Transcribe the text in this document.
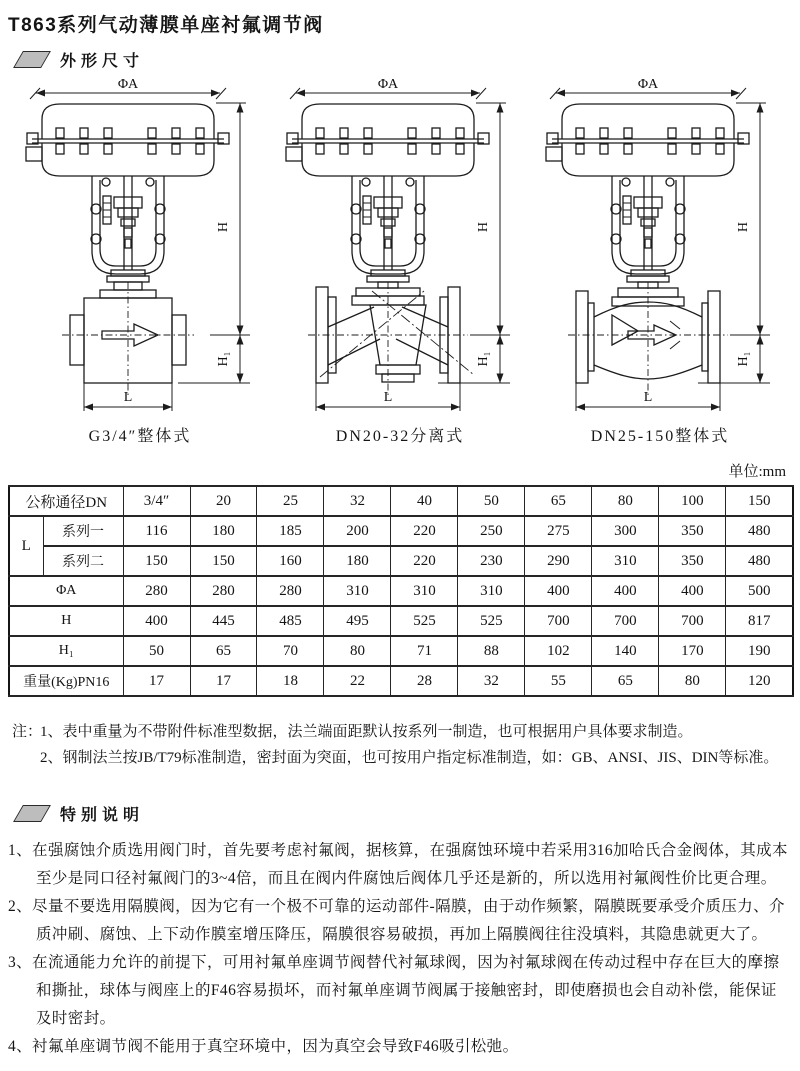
T863系列气动薄膜单座衬氟调节阀
外形尺寸
L
G3/4″整体式
L
DN20-32分离式
L
DN25-150整体式
单位:mm
公称通径DN		3/4″	20	25	32	40	50	65	80	100	150
L	系列一	116	180	185	200	220	250	275	300	350	480
	系列二	150	150	160	180	220	230	290	310	350	480
ΦA		280	280	280	310	310	310	400	400	400	500
H		400	445	485	495	525	525	700	700	700	817
H₁		50	65	70	80	71	88	102	140	170	190
重量(Kg)PN16		17	17	18	22	28	32	55	65	80	120
注：
1、表中重量为不带附件标准型数据，法兰端面距默认按系列一制造，也可根据用户具体要求制造。
2、钢制法兰按JB/T79标准制造，密封面为突面，也可按用户指定标准制造，如：GB、ANSI、JIS、DIN等标准。
特别说明

1、在强腐蚀介质选用阀门时，首先要考虑衬氟阀，据核算，在强腐蚀环境中若采用316加哈氏合金阀体，其成本至少是同口径衬氟阀门的3~4倍，而且在阀内件腐蚀后阀体几乎还是新的，所以选用衬氟阀性价比更合理。

2、尽量不要选用隔膜阀，因为它有一个极不可靠的运动部件-隔膜，由于动作频繁，隔膜既要承受介质压力、介质冲刷、腐蚀、上下动作膜室增压降压，隔膜很容易破损，再加上隔膜阀往往没填料，其隐患就更大了。

3、在流通能力允许的前提下，可用衬氟单座调节阀替代衬氟球阀，因为衬氟球阀在传动过程中存在巨大的摩擦和撕扯，球体与阀座上的F46容易损坏，而衬氟单座调节阀属于接触密封，即使磨损也会自动补偿，能保证及时密封。

4、衬氟单座调节阀不能用于真空环境中，因为真空会导致F46吸引松弛。
